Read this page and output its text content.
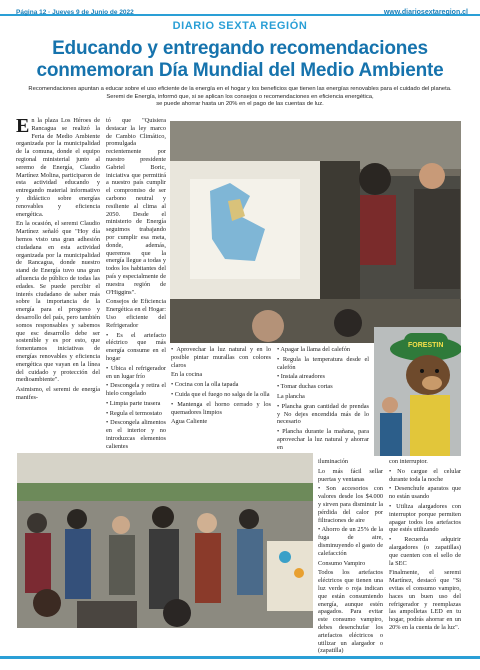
Página 12 · Jueves 9 de Junio de 2022
DIARIO SEXTA REGIÓN
www.diariosextaregion.cl
Educando y entregando recomendaciones
conmemoran Día Mundial del Medio Ambiente
Recomendaciones apuntan a educar sobre el uso eficiente de la energía en el hogar y los beneficios que tienen las energías renovables para el cuidado del planeta.
Seremi de Energía, informó que, si se aplican los consejos o recomendaciones en eficiencia energética,
se puede ahorrar hasta un 20% en el pago de las cuentas de luz.

En la plaza Los Héroes de Rancagua se realizó la Feria de Medio Ambiente organizada por la municipalidad de la comuna, donde el equipo regional ministerial junto al seremo de Energía, Claudio Martínez Molina, participaron de esta actividad educando y entregando material informativo y didáctico sobre energías renovables y eficiencia energética.

En la ocasión, el seremi Claudio Martínez señaló que "Hoy día hemos visto una gran adhesión ciudadana en esta actividad organizada por la municipalidad de Rancagua, donde nuestro stand de Energía tuvo una gran afluencia de público de todas las edades. Se puede percibir el interés ciudadano de saber más sobre la importancia de la energía para el progreso y desarrollo del país, pero también somos responsables y sabemos que esc desarrollo debe ser sostenible y es por esto, que fomentamos iniciativas de energías renovables y eficiencia energética que vayan en la línea del cuidado y protección del medioambiente".

Asimismo, el seremi de energía manifes-

tó que "Quisiera destacar la ley marco de Cambio Climático, promulgada recientemente por nuestro presidente Gabriel Boric, iniciativa que permitirá a nuestro país cumplir el compromiso de ser carbono neutral y resiliente al clima al 2050. Desde el ministerio de Energía seguimos trabajando por cumplir esa meta, donde, además, queremos que la energía llegue a todas y todos los habitantes del país y especialmente de nuestra región de O'Higgins".

Consejos de Eficiencia Energética en el Hogar: Uso eficiente del Refrigerador

• Es el artefacto eléctrico que más energía consume en el hogar

• Ubica el refrigerador en un lugar frío

• Descongela y retira el hielo congelado

• Limpia parte trasera

• Regula el termostato

• Descongela alimentos en el interior y no introduzcas elementos calientes

• Aprovechar la luz natural y en lo posible pintar murallas con colores claros

En la cocina

• Cocina con la olla tapada

• Cuida que el fuego no salga de la olla

• Mantenga el horno cerrado y los quemadores limpios

Agua Caliente

• Apagar la llama del calefón

• Regula la temperatura desde el calefón

• Instala aireadores

• Tomar duchas cortas

La plancha

• Plancha gran cantidad de prendas y No dejes encendida más de lo necesario

• Plancha durante la mañana, para aprovechar la luz natural y ahorrar en

FORESTIN

iluminación

Lo más fácil sellar puertas y ventanas

• Son accesorios con valores desde los $4.000 y sirven para disminuir la pérdida del calor por filtraciones de aire

• Ahorro de un 25% de la fuga de aire, disminuyendo el gasto de calefacción

Consumo Vampiro

Todos los artefactos eléctricos que tienen una luz verde o roja indican que están consumiendo energía, aunque estén apagados. Para evitar este consumo vampiro, debes desenchufar los artefactos eléctricos o utilizar un alargador o (zapatilla)

con interruptor.

• No cargue el celular durante toda la noche

• Desenchufe aparatos que no están usando

• Utiliza alargadores con interruptor porque permiten apagar todos los artefactos que estés utilizando

• Recuerda adquirir alargadores (o zapatillas) que cuenten con el sello de la SEC

Finalmente, el seremi Martínez, destacó que "Si evitas el consumo vampiro, haces un buen uso del refrigerador y reemplazas las ampolletas LED en tu hogar, podrás ahorrar en un 20% en la cuenta de la luz".
